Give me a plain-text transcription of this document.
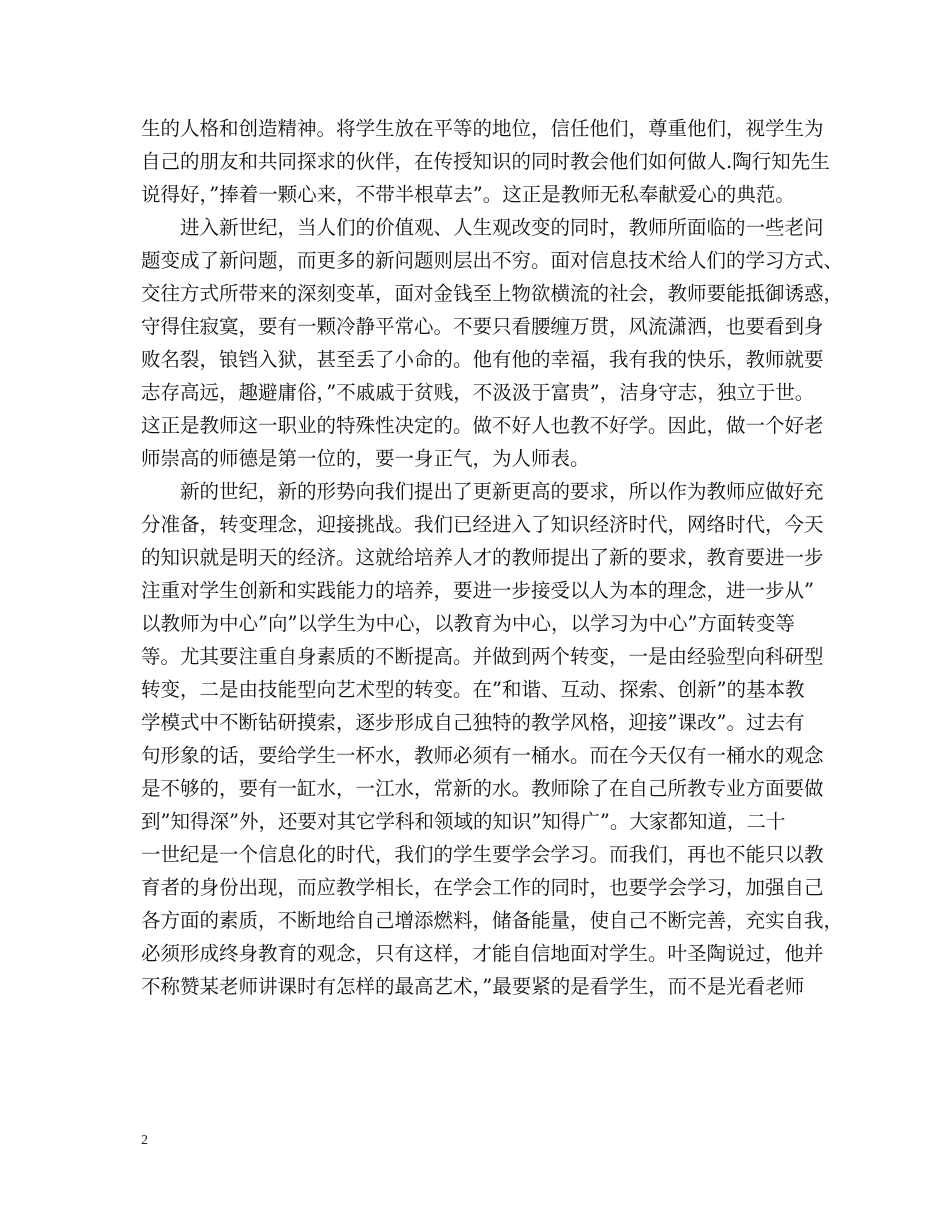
生的人格和创造精神。将学生放在平等的地位，信任他们，尊重他们，视学生为
自己的朋友和共同探求的伙伴，在传授知识的同时教会他们如何做人.陶行知先生
说得好，”捧着一颗心来，不带半根草去”。这正是教师无私奉献爱心的典范。
进入新世纪，当人们的价值观、人生观改变的同时，教师所面临的一些老问
题变成了新问题，而更多的新问题则层出不穷。面对信息技术给人们的学习方式、
交往方式所带来的深刻变革，面对金钱至上物欲横流的社会，教师要能抵御诱惑，
守得住寂寞，要有一颗冷静平常心。不要只看腰缠万贯，风流潇洒，也要看到身
败名裂，锒铛入狱，甚至丢了小命的。他有他的幸福，我有我的快乐，教师就要
志存高远，趣避庸俗，”不戚戚于贫贱，不汲汲于富贵”，洁身守志，独立于世。
这正是教师这一职业的特殊性决定的。做不好人也教不好学。因此，做一个好老
师崇高的师德是第一位的，要一身正气，为人师表。
新的世纪，新的形势向我们提出了更新更高的要求，所以作为教师应做好充
分准备，转变理念，迎接挑战。我们已经进入了知识经济时代，网络时代，今天
的知识就是明天的经济。这就给培养人才的教师提出了新的要求，教育要进一步
注重对学生创新和实践能力的培养，要进一步接受以人为本的理念，进一步从”
以教师为中心”向”以学生为中心，以教育为中心，以学习为中心”方面转变等
等。尤其要注重自身素质的不断提高。并做到两个转变，一是由经验型向科研型
转变，二是由技能型向艺术型的转变。在”和谐、互动、探索、创新”的基本教
学模式中不断钻研摸索，逐步形成自己独特的教学风格，迎接”课改”。过去有
句形象的话，要给学生一杯水，教师必须有一桶水。而在今天仅有一桶水的观念
是不够的，要有一缸水，一江水，常新的水。教师除了在自己所教专业方面要做
到”知得深”外，还要对其它学科和领域的知识”知得广”。大家都知道，二十
一世纪是一个信息化的时代，我们的学生要学会学习。而我们，再也不能只以教
育者的身份出现，而应教学相长，在学会工作的同时，也要学会学习，加强自己
各方面的素质，不断地给自己增添燃料，储备能量，使自己不断完善，充实自我，
必须形成终身教育的观念，只有这样，才能自信地面对学生。叶圣陶说过，他并
不称赞某老师讲课时有怎样的最高艺术，”最要紧的是看学生，而不是光看老师
2
